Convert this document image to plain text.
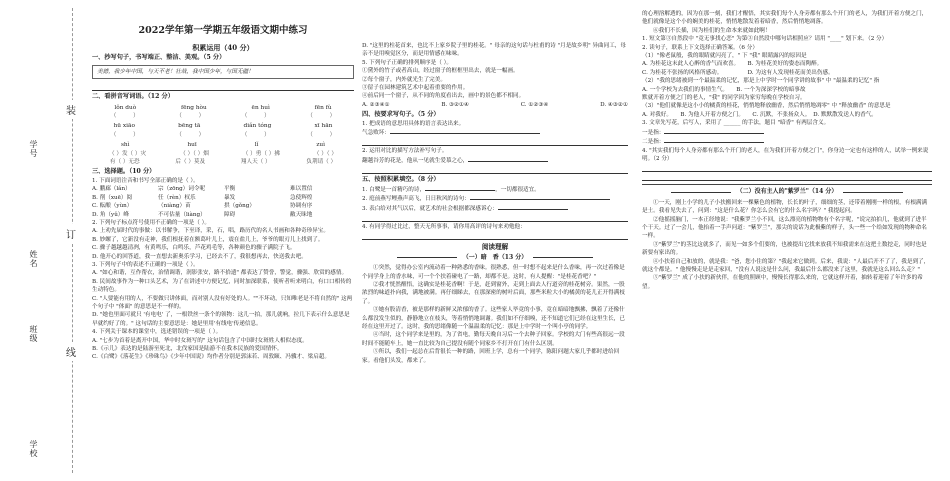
装
订
线
学号
姓名
班级
学校
2022学年第一学期五年级语文期中练习
积累运用（40 分）
一、抄写句子，书写端正、整洁、美观。（5 分）
美德，我少年中国，与天不老！壮哉，我中国少年，与国无疆！
二、看拼音写词语。（12 分）
lǒn duò	fēng hòu	ēn huì	fēn fù
（　　　）	（　　　）	（　　　）	（　　　）
hū xiāo	bēng tā	diǎn tóng	xī hān
（　　　）	（　　　）	（　　　）	（　　　）
shì	huī	lǐ	zuì
（ ）发（ ）灾	（ ）（ ）烟	（ ）勇（ ）拂	（ ）（ ）
有（ ）无恐	后（ ）莫及	翔人天（ ）	负荆请（ ）
三、选择题。（10 分）

1. 下面词语注音和书写全部正确的是（ ）。

A. 鹏廊（lǎn）	宗（zōng）词令呢	平衡	难以置信
B. 削（xuē）阅	任（rèn）权乐	暴发	急使辉煌
C. 酝酿（yùn）	（niàng）苗	拱（gǒng）	协调有序
D. 角（yǔ）峰	不可估量（liàng）	障碍	敝天昧地

2. 下列句子标点符号使用不正确的一项是（ ）。

A. 上劝先届时代的事做：以书解争，下至译，采，石，唱，路历代的名人书画和各种奇珍异宝。

B. 妙螺了，它新没有走神，我们根抚着在额葛叶儿上，震在盐儿上，爷爷的眼刃儿上找到了。

C. 骤子越越越清冽，有黄鸣乐，白鸣乐，芦花鸡毛等，各种颜色的骤子满院子飞。

D. 他开心的回答道，我一直想去新奥乐学习，已经去不了，我很想再去，快送我去吧。

3. 下列句子中的表述不正确的一项是（ ）。

A. "如心和谐，互作帮衣，治情调谐，润影张安，路不拾遗" 都表达了赞誉，警觉，骤强、欣赏的感情。

B. 民间故事作为一种口头艺术，为了在讲述中方便记忆，同时加深联系，使听者听来明白，有口口相传的生动特色。

C. "人要能有用的人，不要做只讲体面，而对别人没有好处的人。""不坏动，只知唯老是不将自然的" 这两个句子中 "体面" 的意思是不一样的。

D. "她也里面可就只 '有电电' 了，一根铁丝一条个的领物：这儿一拍，那儿就响，拉几下表示什么意思是早就约好了的。" 这句话的主要意思是：她是里用'有线电'传递信息。

4. 下列关于课本的课堂中，选述错误的一项是（ ）。

A. "七步为首着是离开中国，华中时女斑写的" 这句话包含了中国时女斑姓人相似态度。

B.《示儿》表达的是陆游至死北，北伐家国是陆游不在我本民族的爱国情怀。

C.《白鹭》《落花生》《珍珠鸟》《少年中国说》均作者分别是郭沫若、周敦颐、冯骥才、梁启超。

D. "这里的柱花首来，也比不上家乡院子里的桂花。" 母亲的这句话与杜甫的诗 "月是故乡明" 异曲同工，母亲不是用嗅觉区分，而是用情感在味味。

5. 下列句子正确的排列顺序是（ ）。

①黛外的竹子或者高山，经过窗子的框框里出去，就是一幅画。

②每个窗子，内外就光生了完美。

③留子在园林建筑艺术中起着重要的作用。

④前后同一个窗子，从不同的角度看出去，画中的景色都不相同。

A. ②③④①	B. ③②①④	C. ①②③④	D. ④③②①
四、按要求写句子。（5 分）

1. 把成语的意思用具体的语言表达出来。

气急败坏：

2. 运用对比的描写方法补写句子。

翻越谷芳的花是，他从一见就生爱慕之心，

五、按照积累填空。（8 分）

1. 白鹭是一首精巧的诗，	，一切都很适宜。

2. 庭前燕写鲤燕声高飞，日日秋风的诗句：

3. 表白给对其气以后，就艺术的社会根据都深感诉心：

4. 有同学得过比过，整天无所事事，请你用高评的诗句来劝勉他：

阅读理解
（一）暗　香（13 分）

①突然，觉得办公室内流动着一种熟悉的香味。很熟悉，但一时想不起来是什么香味，再一次过着像是个同学身上的香水味，可一个个扶着碰电了一路，却都不是。这时，有人提醒："是桂花香吧？"

②我才恍然醒悟，这确实是桂花香啊！于是，赶到窗外，走到上面去人行道旁的桂花树旁。果然，一股浓烈的味道扑向我，满地被满。再仔细睇去，在那深密的树叶后面，那些米粒大小的橘黄的花儿正开得满枝了。

③她有股清香，被是那样的新鲜又浓郁的香了。这些家人毕竟的小事，竟在暗暗地飘拂，飘着了还像什么都没发生似的，静静地立在枝头，等着悄悄地调谢。我们如不仔细嗅，还不知道它们已经在这里生长，已经在这里开过了。这时，我的思绪像随一个温温柔的记忆：那是上中学时一个叫小亭的同学。

④当时，这个同学来是里的，为了省电，勤每天晚自习后一个去种子回家。学校的大门有些高很远一段时间不能随车上，她一直比较为自己提没有随个同家乡不打开在门有什么区别。

⑤所以，我们一起总在后背很长一种的路，回班上学，总有一个同学，陈阳问题大家几乎都时进给回家。看他们头发，都来了。

的心理溶解透的，因为在那一刻，我们才醒悟，其实我们每个人身旁都有那么个开门的老人，为我们开着方便之门，他们就像是这个小的娴美的桂花，悄悄地散发着着暗香，然后悄悄地凋落。

⑥我们不长插，因为桂们的生命本来就如此啊！

1. 短文第③自然段中 "竟无事找心恋" 为第③自然段中哪句话相照应？请用 "____" 划下来。（2 分）

2. 读句子，联系上下文选择正确答案。（6 分）

（1）"像老鼠般，我的眼睛就闪亮了，" 下 "我" 眼睛露闪的原因是

A. 为桂花这末此人心醉的香气而欢喜。　　B. 为桂花美好的姿态而陶醉。

C. 为桂花不张扬的风格所感动。　　　　　D. 为这有人发现桂花而美出伤感。

（2）"我的思绪被到一个最温柔的记忆，那是上中学时一个同学讲的故事" 中 "最温柔的记忆" 指

A. 一个学校为去我们的事情生气。　　B. 一个为深深学校的暗事故

默就开着方便之门的老人，"我" 的同学因为家穷每晚在学校自习。

（3）"他们就像是这小小的橘黄的桂花，悄悄地释放幽香，然后悄悄地凋零" 中 "释放幽香" 的意思是

A. 对我好。　　B. 为他人开着方便之门。　　C. 沉默，不张扬众人。　D. 默默散发送人的香气。

3. 文章先写花，后写人，采用了 ______ 的手法，题目 "暗香" 有两层含义。

一是指：

二是指：

4. "其实我们每个人身旁都有那么个开门的老人，在为我们开着方便之门"，你身边一定也有这样的人，试举一例来说明。（2 分）

（二）没有主人的"紫罗兰"（14 分）

①一天，刚上小学的儿子小扶搬回来一棵紫色的植物，长长的叶子，细细的茎，还带着刚刚一样的根，有根满满是土。我看见失去了，问到："这是什么花？你怎么会有它的什么名字吗？" 我提起问。

②他摇摇脑门，一本正经地说："我紫罗兰小不回，这么漂亮的植物物有个名字呢，"说完拍拍几，他就到了进半个干天。过了一会儿，他抬着一手声问道："紫罗兰"，那尖的说话为此极紫的样子，头一些一个给如发现的物种命名一样。

③"紫罗兰"的茎比这就多了，而见一如多个们要的，也被提出它找来放我不知我需来在这把土数挖走，同时也是新要有家出的。

④小扶着自己和放的，就是我："爸，您小住的第？"我起来它做到。后来，我说："人最后开不了了，我是到了，就这个都是。" 他慢慢走是是走家回，"没有人说这是什么问，我最后什么都没来了这里，我就是这么回么么走？"

⑤"紫罗兰" 成了小扶的新伙伴，在他的照顾中，慢慢长得那么来的，它就这样开着，抽转着迎着了年许多的希望。
